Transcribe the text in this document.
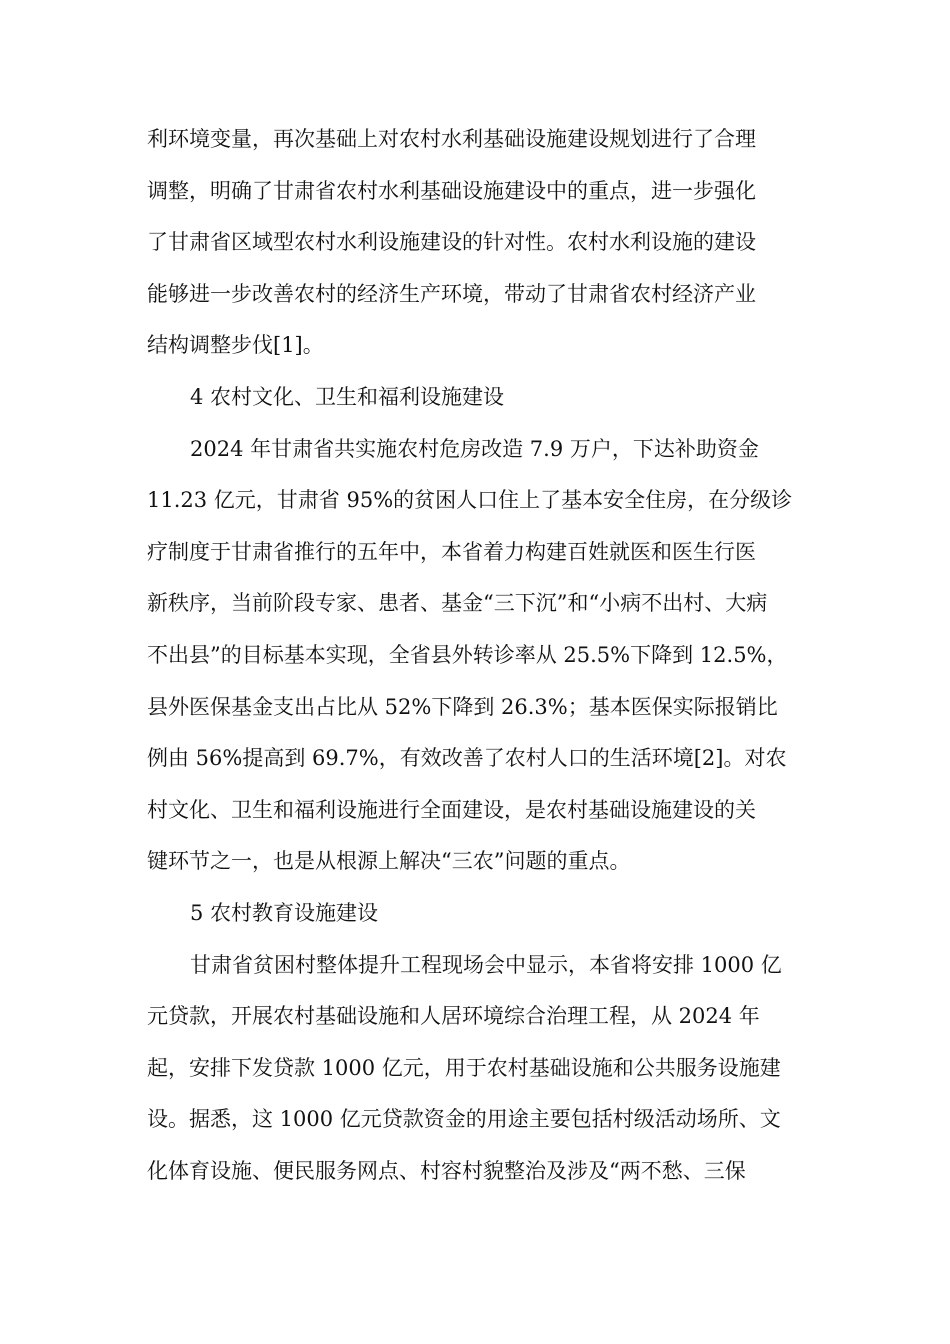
利环境变量，再次基础上对农村水利基础设施建设规划进行了合理
调整，明确了甘肃省农村水利基础设施建设中的重点，进一步强化
了甘肃省区域型农村水利设施建设的针对性。农村水利设施的建设
能够进一步改善农村的经济生产环境，带动了甘肃省农村经济产业
结构调整步伐[1]。
4 农村文化、卫生和福利设施建设
2024 年甘肃省共实施农村危房改造 7.9 万户，下达补助资金
11.23 亿元，甘肃省 95%的贫困人口住上了基本安全住房，在分级诊
疗制度于甘肃省推行的五年中，本省着力构建百姓就医和医生行医
新秩序，当前阶段专家、患者、基金“三下沉”和“小病不出村、大病
不出县”的目标基本实现，全省县外转诊率从 25.5%下降到 12.5%，
县外医保基金支出占比从 52%下降到 26.3%；基本医保实际报销比
例由 56%提高到 69.7%，有效改善了农村人口的生活环境[2]。对农
村文化、卫生和福利设施进行全面建设，是农村基础设施建设的关
键环节之一，也是从根源上解决“三农”问题的重点。
5 农村教育设施建设
甘肃省贫困村整体提升工程现场会中显示，本省将安排 1000 亿
元贷款，开展农村基础设施和人居环境综合治理工程，从 2024 年
起，安排下发贷款 1000 亿元，用于农村基础设施和公共服务设施建
设。据悉，这 1000 亿元贷款资金的用途主要包括村级活动场所、文
化体育设施、便民服务网点、村容村貌整治及涉及“两不愁、三保
